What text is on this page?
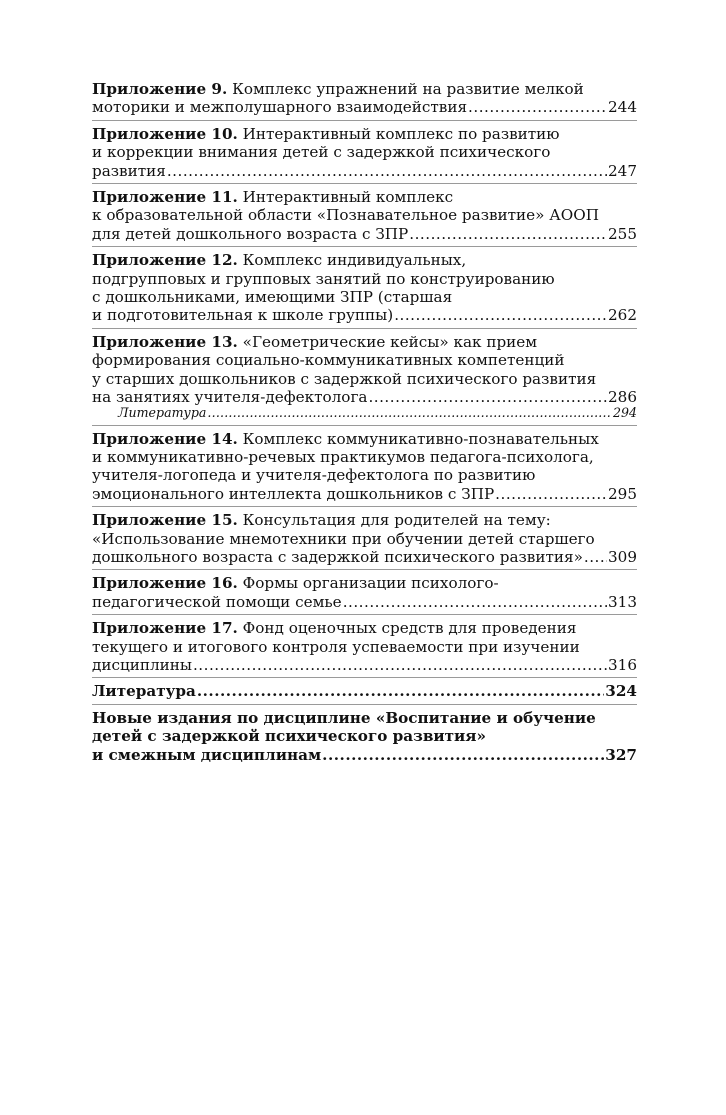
Приложение 9. Комплекс упражнений на развитие мелкой
моторики и межполушарного взаимодействия .....	244
Приложение 10. Интерактивный комплекс по развитию
и коррекции внимания детей с задержкой психического
развития .....	247
Приложение 11. Интерактивный комплекс
к образовательной области «Познавательное развитие» АООП
для детей дошкольного возраста с ЗПР .....	255
Приложение 12. Комплекс индивидуальных,
подгрупповых и групповых занятий по конструированию
с дошкольниками, имеющими ЗПР (старшая
и подготовительная к школе группы) .....	262
Приложение 13. «Геометрические кейсы» как прием
формирования социально-коммуникативных компетенций
у старших дошкольников с задержкой психического развития
на занятиях учителя-дефектолога .....	286
Литература .....	294
Приложение 14. Комплекс коммуникативно-познавательных
и коммуникативно-речевых практикумов педагога-психолога,
учителя-логопеда и учителя-дефектолога по развитию
эмоционального интеллекта дошкольников с ЗПР .....	295
Приложение 15. Консультация для родителей на тему:
«Использование мнемотехники при обучении детей старшего
дошкольного возраста с задержкой психического развития» ..... 309
Приложение 16. Формы организации психолого-
педагогической помощи семье .....	313
Приложение 17. Фонд оценочных средств для проведения
текущего и итогового контроля успеваемости при изучении
дисциплины .....	316
Литература .....	324
Новые издания по дисциплине «Воспитание и обучение
детей с задержкой психического развития»
и смежным дисциплинам .....	327
